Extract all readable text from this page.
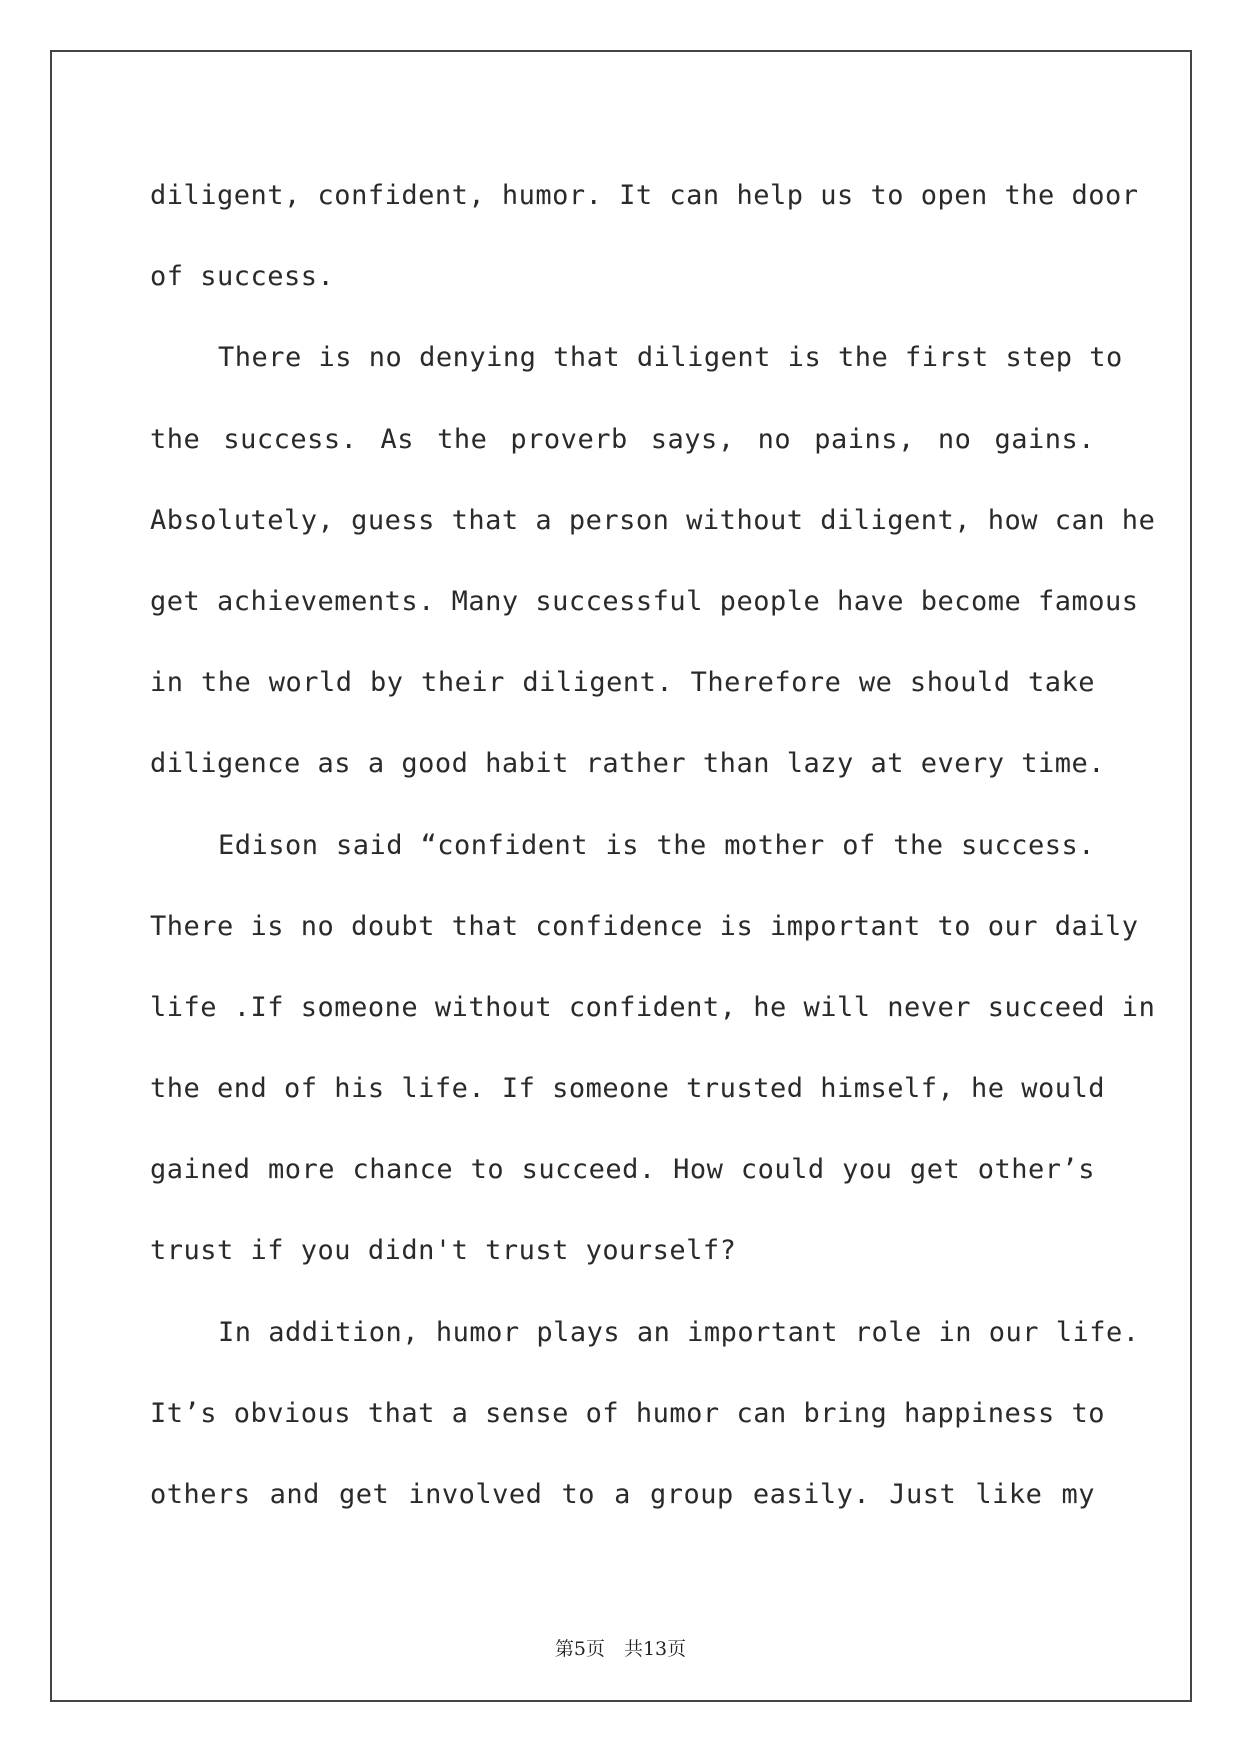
diligent, confident, humor. It can help us to open the door
of success.
There is no denying that diligent is the first step to
the success. As the proverb says, no pains, no gains.
Absolutely, guess that a person without diligent, how can he
get achievements. Many successful people have become famous
in the world by their diligent. Therefore we should take
diligence as a good habit rather than lazy at every time.
Edison said “confident is the mother of the success.
There is no doubt that confidence is important to our daily
life .If someone without confident, he will never succeed in
the end of his life. If someone trusted himself, he would
gained more chance to succeed. How could you get other’s
trust if you didn't trust yourself?
In addition, humor plays an important role in our life.
It’s obvious that a sense of humor can bring happiness to
others and get involved to a group easily. Just like my
第5页　共13页
